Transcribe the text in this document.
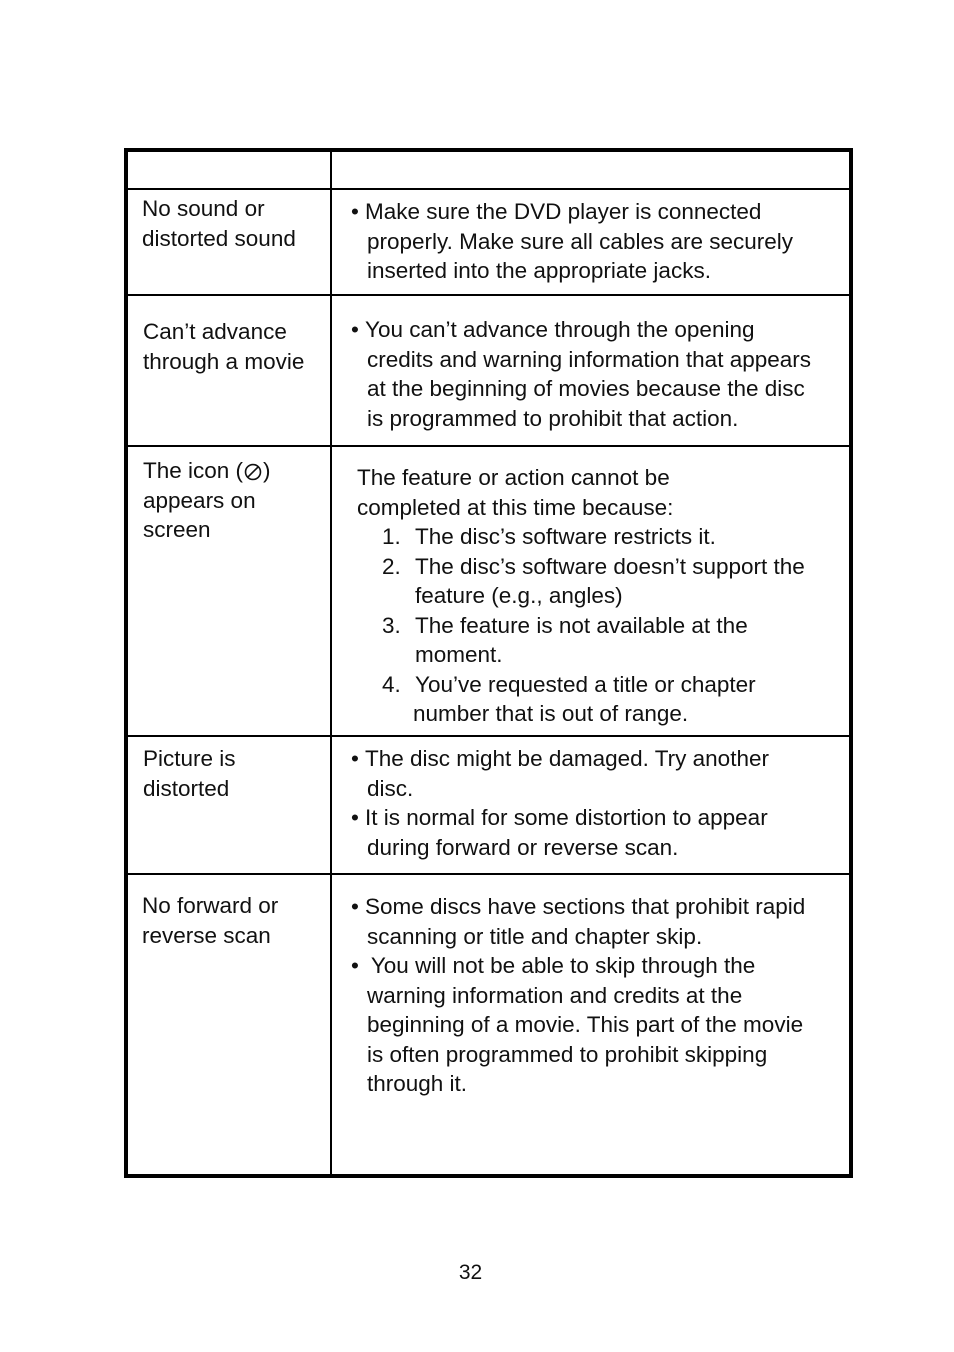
No sound or
distorted sound
• Make sure the DVD player is connected
properly. Make sure all cables are securely
inserted into the appropriate jacks.
Can’t advance
through a movie
• You can’t advance through the opening
credits and warning information that appears
at the beginning of movies because the disc
is programmed to prohibit that action.
The icon ( )
appears on
screen
The feature or action cannot be
completed at this time because:
1. The disc’s software restricts it.
2. The disc’s software doesn’t support the
feature (e.g., angles)
3. The feature is not available at the
moment.
4. You’ve requested a title or chapter
number that is out of range.
Picture is
distorted
• The disc might be damaged. Try another
disc.
• It is normal for some distortion to appear
during forward or reverse scan.
No forward or
reverse scan
• Some discs have sections that prohibit rapid
scanning or title and chapter skip.
• You will not be able to skip through the
warning information and credits at the
beginning of a movie. This part of the movie
is often programmed to prohibit skipping
through it.
32
